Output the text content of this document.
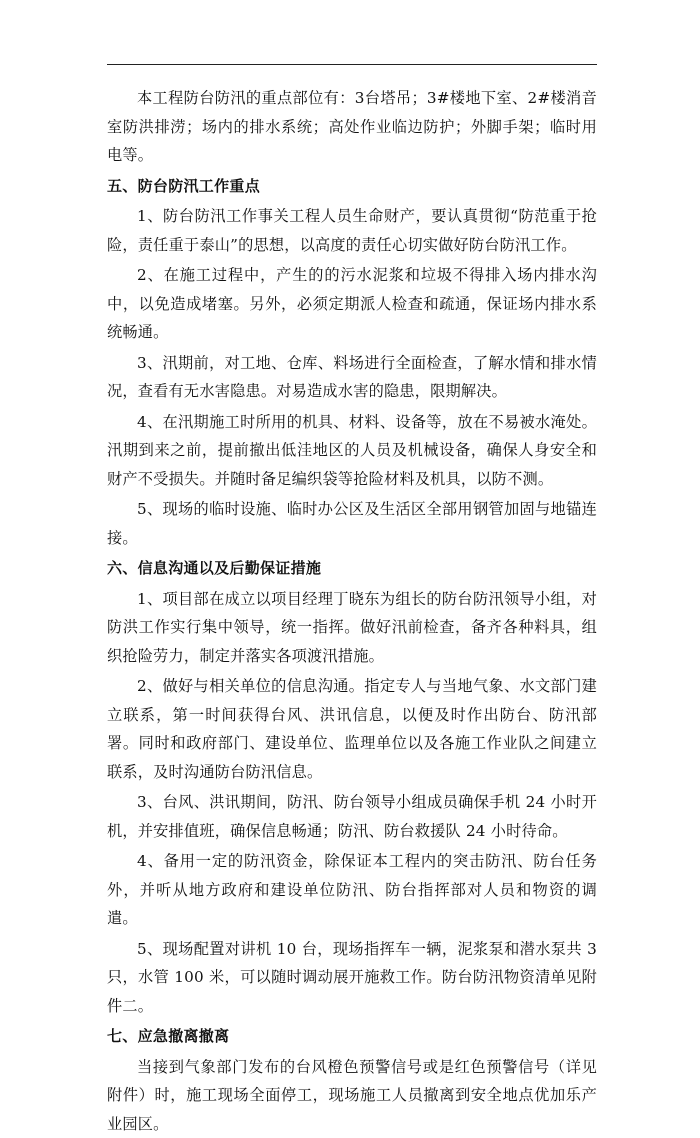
本工程防台防汛的重点部位有：3台塔吊；3#楼地下室、2#楼消音室防洪排涝；场内的排水系统；高处作业临边防护；外脚手架；临时用电等。

五、防台防汛工作重点

1、防台防汛工作事关工程人员生命财产，要认真贯彻“防范重于抢险，责任重于泰山”的思想，以高度的责任心切实做好防台防汛工作。

2、在施工过程中，产生的的污水泥浆和垃圾不得排入场内排水沟中，以免造成堵塞。另外，必须定期派人检查和疏通，保证场内排水系统畅通。

3、汛期前，对工地、仓库、料场进行全面检查，了解水情和排水情况，查看有无水害隐患。对易造成水害的隐患，限期解决。

4、在汛期施工时所用的机具、材料、设备等，放在不易被水淹处。汛期到来之前，提前撤出低洼地区的人员及机械设备，确保人身安全和财产不受损失。并随时备足编织袋等抢险材料及机具，以防不测。

5、现场的临时设施、临时办公区及生活区全部用钢管加固与地锚连接。

六、信息沟通以及后勤保证措施

1、项目部在成立以项目经理丁晓东为组长的防台防汛领导小组，对防洪工作实行集中领导，统一指挥。做好汛前检查，备齐各种料具，组织抢险劳力，制定并落实各项渡汛措施。

2、做好与相关单位的信息沟通。指定专人与当地气象、水文部门建立联系，第一时间获得台风、洪讯信息，以便及时作出防台、防汛部署。同时和政府部门、建设单位、监理单位以及各施工作业队之间建立联系，及时沟通防台防汛信息。

3、台风、洪讯期间，防汛、防台领导小组成员确保手机 24 小时开机，并安排值班，确保信息畅通；防汛、防台救援队 24 小时待命。

4、备用一定的防汛资金，除保证本工程内的突击防汛、防台任务外，并听从地方政府和建设单位防汛、防台指挥部对人员和物资的调遣。

5、现场配置对讲机 10 台，现场指挥车一辆，泥浆泵和潜水泵共 3 只，水管 100 米，可以随时调动展开施救工作。防台防汛物资清单见附件二。

七、应急撤离撤离

当接到气象部门发布的台风橙色预警信号或是红色预警信号（详见附件）时，施工现场全面停工，现场施工人员撤离到安全地点优加乐产业园区。
